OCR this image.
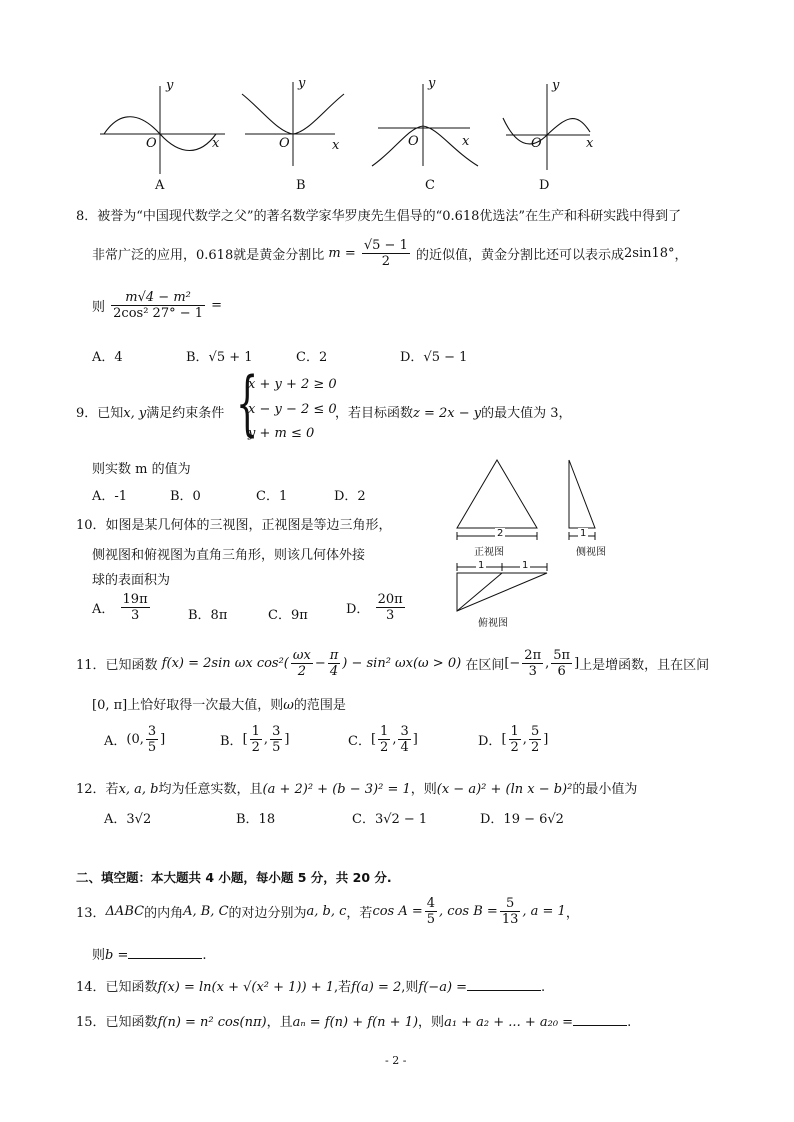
y
O	x
y
O	x
y
O	x
y
O	x
A	B	C	D
8．被誉为“中国现代数学之父”的著名数学家华罗庚先生倡导的“0.618优选法”在生产和科研实践中得到了
非常广泛的应用，0.618就是黄金分割比 $m = \frac{√5 - 1}{2}$ 的近似值，黄金分割比还可以表示成2sin18°，
则 $\frac{\text{m√4 − m²}}{\text{2cos² 27° − 1}}$ =
A．4	B．√5 + 1	C．2	D．√5 − 1
9．已知x, y满足约束条件 {
x + y + 2 ≥ 0
x − y − 2 ≤ 0
y + m ≤ 0
，若目标函数z = 2x − y的最大值为 3，
则实数 m 的值为
A．-1	B．0	C．1	D．2
10．如图是某几何体的三视图，正视图是等边三角形，
侧视图和俯视图为直角三角形，则该几何体外接
球的表面积为
A． $\frac{19\pi}{3}$	B．8π	C．9π	D． $\frac{20\pi}{3}$
2
正视图
1
侧视图
1	1
俯视图
11．已知函数 f(x) = 2sin ωx $\cos^2( \frac{\omega x}{2} - \frac{\pi}{4}$ ) − sin² ωx(ω > 0) 在区间[− $\frac{2\pi}{3}$ , $\frac{5\pi}{6}$ ]上是增函数，且在区间
[0, π]上恰好取得一次最大值，则ω的范围是
A．(0, $\frac{3}{5}$ ]	B．[ $\frac{1}{2}$ , $\frac{3}{5}$ ]	C．[ $\frac{1}{2}$ , $\frac{3}{4}$ ]	D．[ $\frac{1}{2}$ , $\frac{5}{2}$ ]
12．若x, a, b均为任意实数，且(a + 2)² + (b − 3)² = 1，则(x − a)² + (ln x − b)²的最小值为
A．3√2	B．18	C．3√2 − 1	D．19 − 6√2
二、填空题：本大题共 4 小题，每小题 5 分，共 20 分.
13．ΔABC的内角A, B, C的对边分别为a, b, c，若$\cos A = \frac{4}{5}$ , $\cos B = \frac{5}{13}$ , a = 1，
则b =	.
14．已知函数f(x) = ln(x + √(x² + 1)) + 1,若f(a) = 2,则f(−a) =	.
15．已知函数f(n) = n² cos(nπ)，且aₙ = f(n) + f(n + 1)，则a₁ + a₂ + ... + a₂₀ =	.
- 2 -
